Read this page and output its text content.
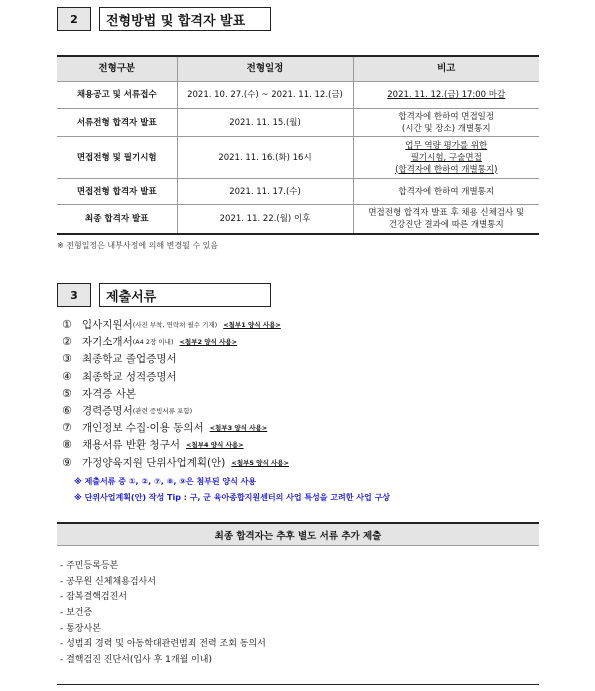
2	전형방법 및 합격자 발표
전형구분	전형일정	비고
채용공고 및 서류접수	2021. 10. 27.(수) ~ 2021. 11. 12.(금)	2021. 11. 12.(금) 17:00 마감
서류전형 합격자 발표	2021. 11. 15.(월)	합격자에 한하여 면접일정
(시간 및 장소) 개별통지

면접전형 및 필기시험	2021. 11. 16.(화) 16시	업무 역량 평가를 위한
필기시험, 구술면접
(합격자에 한하여 개별통지)

면접전형 합격자 발표	2021. 11. 17.(수)	합격자에 한하여 개별통지
최종 합격자 발표	2021. 11. 22.(월) 이후	면접전형 합격자 발표 후 채용 신체검사 및
건강진단 결과에 따른 개별통지
※ 전형일정은 내부사정에 의해 변경될 수 있음
3	제출서류
① 입사지원서 (사진 부착, 연락처 필수 기재) <첨부1 양식 사용>
② 자기소개서 (A4 2장 이내) <첨부2 양식 사용>
③ 최종학교 졸업증명서
④ 최종학교 성적증명서
⑤ 자격증 사본
⑥ 경력증명서 (관련 증빙서류 포함)
⑦ 개인정보 수집·이용 동의서 <첨부3 양식 사용>
⑧ 채용서류 반환 청구서 <첨부4 양식 사용>
⑨ 가정양육지원 단위사업계획(안) <첨부5 양식 사용>
※ 제출서류 중 ①, ②, ⑦, ⑧, ⑨은 첨부된 양식 사용
※ 단위사업계획(안) 작성 Tip : 구, 군 육아종합지원센터의 사업 특성을 고려한 사업 구상
최종 합격자는 추후 별도 서류 추가 제출
- 주민등록등본
- 공무원 신체채용검사서
- 잠복결핵검진서
- 보건증
- 통장사본
- 성범죄 경력 및 아동학대관련범죄 전력 조회 동의서
- 결핵검진 진단서(입사 후 1개월 이내)
